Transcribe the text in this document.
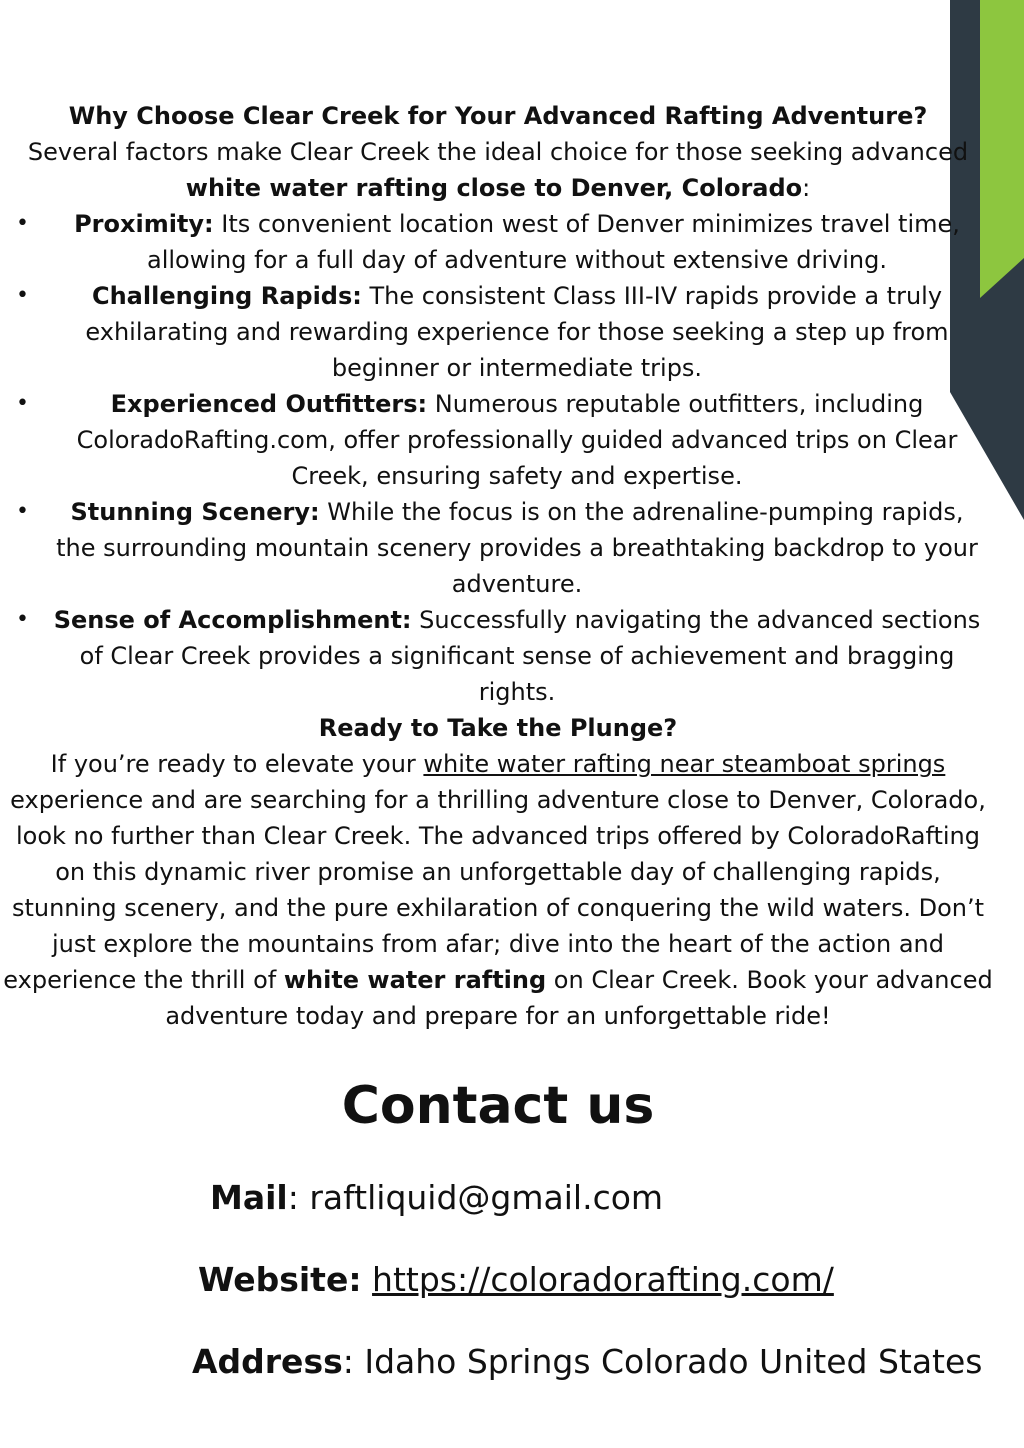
Why Choose Clear Creek for Your Advanced Rafting Adventure?

Several factors make Clear Creek the ideal choice for those seeking advanced white water rafting close to Denver, Colorado:

• Proximity: Its convenient location west of Denver minimizes travel time, allowing for a full day of adventure without extensive driving.
•	Challenging Rapids: The consistent Class III-IV rapids provide a truly exhilarating and rewarding experience for those seeking a step up from beginner or intermediate trips.
•	Experienced Outfitters: Numerous reputable outfitters, including ColoradoRafting.com, offer professionally guided advanced trips on Clear Creek, ensuring safety and expertise.
• Stunning Scenery: While the focus is on the adrenaline-pumping rapids, the surrounding mountain scenery provides a breathtaking backdrop to your adventure.
• Sense of Accomplishment: Successfully navigating the advanced sections of Clear Creek provides a significant sense of achievement and bragging rights.

Ready to Take the Plunge?

If you’re ready to elevate your white water rafting near steamboat springs experience and are searching for a thrilling adventure close to Denver, Colorado, look no further than Clear Creek. The advanced trips offered by ColoradoRafting on this dynamic river promise an unforgettable day of challenging rapids, stunning scenery, and the pure exhilaration of conquering the wild waters. Don’t just explore the mountains from afar; dive into the heart of the action and experience the thrill of white water rafting on Clear Creek. Book your advanced adventure today and prepare for an unforgettable ride!

Contact us
Mail: raftliquid@gmail.com
Website: https://coloradorafting.com/
Address: Idaho Springs Colorado United States
